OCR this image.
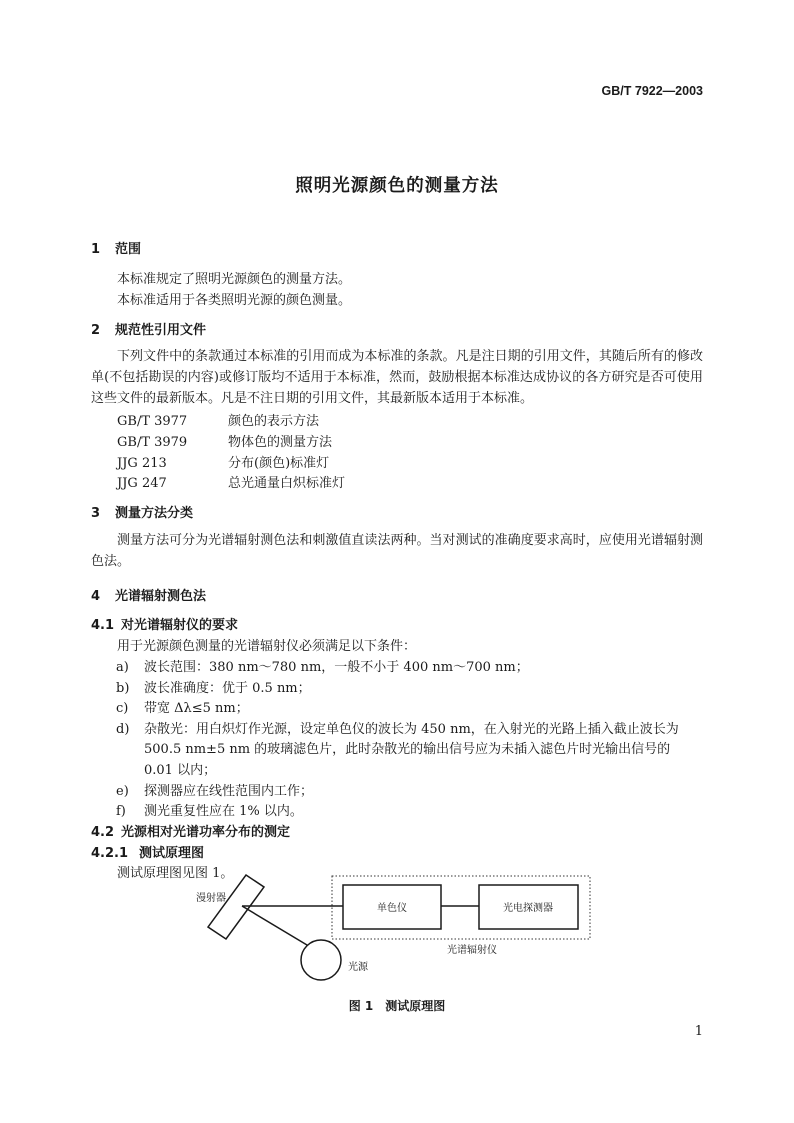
GB/T 7922—2003
照明光源颜色的测量方法
1 范围
本标准规定了照明光源颜色的测量方法。
本标准适用于各类照明光源的颜色测量。
2 规范性引用文件
下列文件中的条款通过本标准的引用而成为本标准的条款。凡是注日期的引用文件，其随后所有的修改单(不包括勘误的内容)或修订版均不适用于本标准，然而，鼓励根据本标准达成协议的各方研究是否可使用这些文件的最新版本。凡是不注日期的引用文件，其最新版本适用于本标准。
GB/T 3977	颜色的表示方法
GB/T 3979	物体色的测量方法
JJG 213	分布(颜色)标准灯
JJG 247	总光通量白炽标准灯
3 测量方法分类
测量方法可分为光谱辐射测色法和刺激值直读法两种。当对测试的准确度要求高时，应使用光谱辐射测色法。
4 光谱辐射测色法
4.1 对光谱辐射仪的要求
用于光源颜色测量的光谱辐射仪必须满足以下条件：
a) 波长范围：380 nm～780 nm，一般不小于 400 nm～700 nm；
b) 波长准确度：优于 0.5 nm；
c) 带宽 Δλ≤5 nm；
d) 杂散光：用白炽灯作光源，设定单色仪的波长为 450 nm，在入射光的光路上插入截止波长为
500.5 nm±5 nm 的玻璃滤色片，此时杂散光的输出信号应为未插入滤色片时光输出信号的
0.01 以内；
e) 探测器应在线性范围内工作；
f) 测光重复性应在 1% 以内。
4.2 光源相对光谱功率分布的测定
4.2.1 测试原理图
测试原理图见图 1。
漫射器
光源
单色仪	光电探测器
光谱辐射仪
图 1　测试原理图
1
